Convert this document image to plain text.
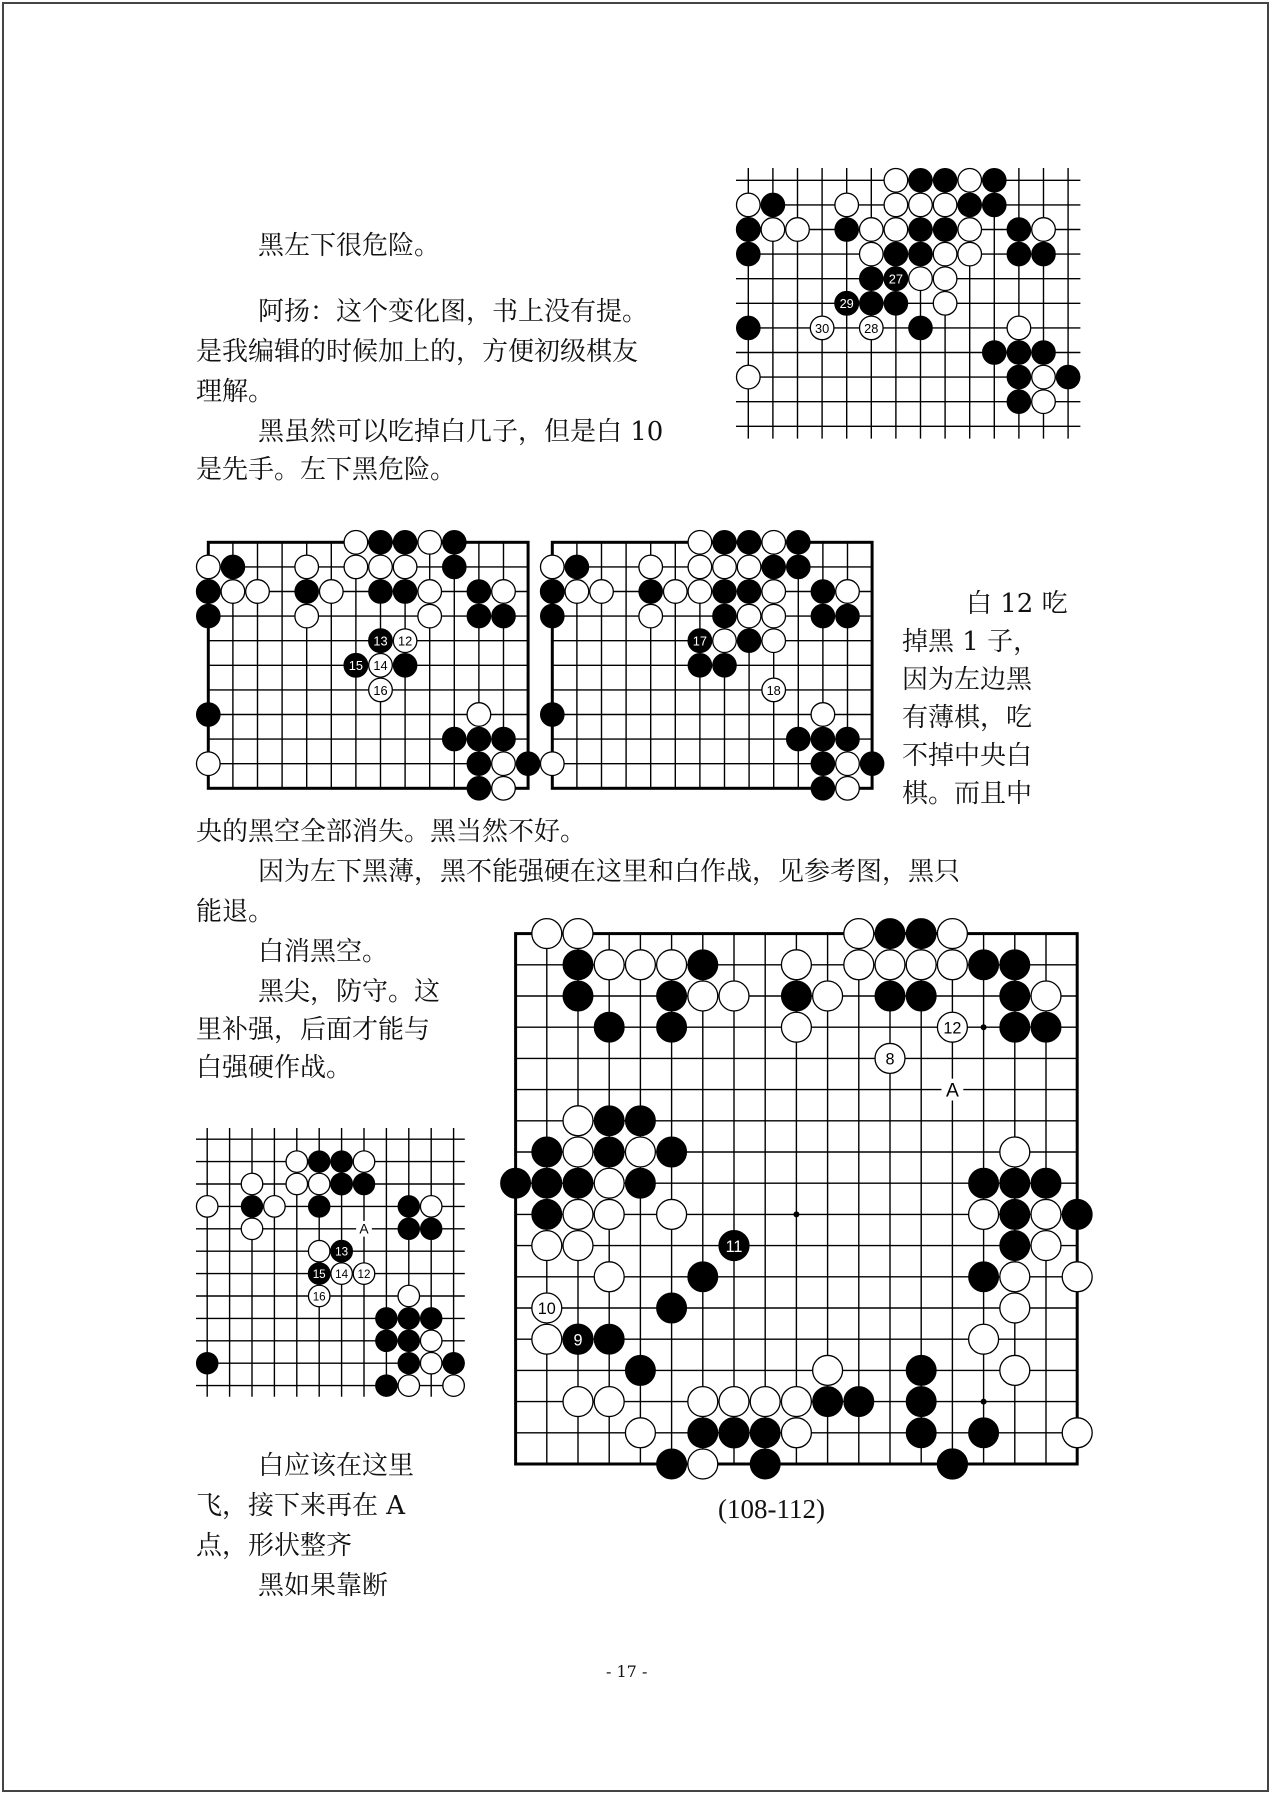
黑左下很危险。
阿扬：这个变化图，书上没有提。
是我编辑的时候加上的，方便初级棋友
理解。
黑虽然可以吃掉白几子，但是白 10
是先手。左下黑危险。
白 12 吃
掉黑 1 子，
因为左边黑
有薄棋，吃
不掉中央白
棋。而且中
央的黑空全部消失。黑当然不好。
因为左下黑薄，黑不能强硬在这里和白作战，见参考图，黑只
能退。
白消黑空。
黑尖，防守。这
里补强，后面才能与
白强硬作战。
白应该在这里
飞，接下来再在 A
点，形状整齐
黑如果靠断
(108-112)
- 17 -
27
29
28
30
13 12
15 14
16
17
18
13
15 14 12
16
A
8
12
11
10
9
A
